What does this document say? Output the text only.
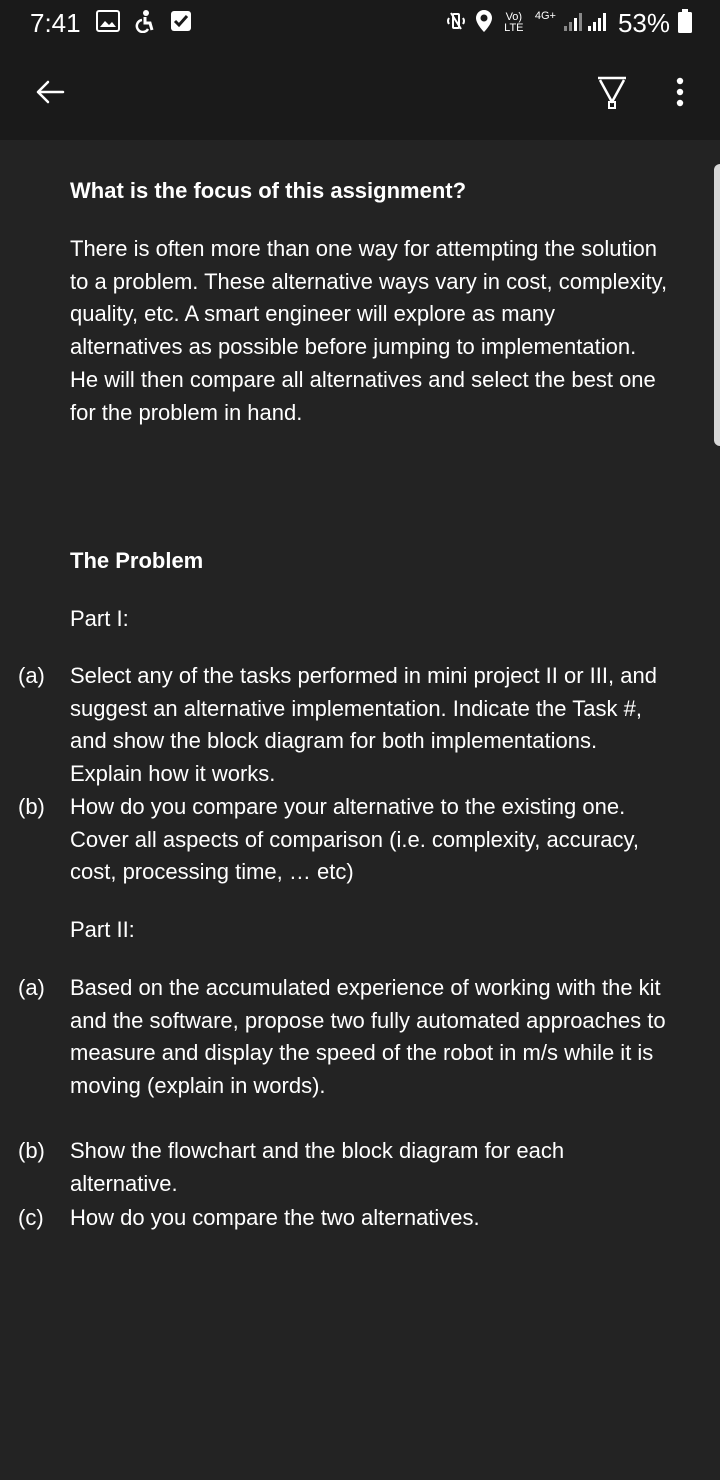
7:41	Vo) LTE
4G+ 53%
What is the focus of this assignment?

There is often more than one way for attempting the solution to a problem. These alternative ways vary in cost, complexity, quality, etc. A smart engineer will explore as many alternatives as possible before jumping to implementation. He will then compare all alternatives and select the best one for the problem in hand.

The Problem
Part I:
(a)	Select any of the tasks performed in mini project II or III, and suggest an alternative implementation. Indicate the Task #, and show the block diagram for both implementations. Explain how it works.
(b)	How do you compare your alternative to the existing one. Cover all aspects of comparison (i.e. complexity, accuracy, cost, processing time, … etc)
Part II:
(a)	Based on the accumulated experience of working with the kit and the software, propose two fully automated approaches to measure and display the speed of the robot in m/s while it is moving (explain in words).
(b)	Show the flowchart and the block diagram for each alternative.
(c)	How do you compare the two alternatives.
